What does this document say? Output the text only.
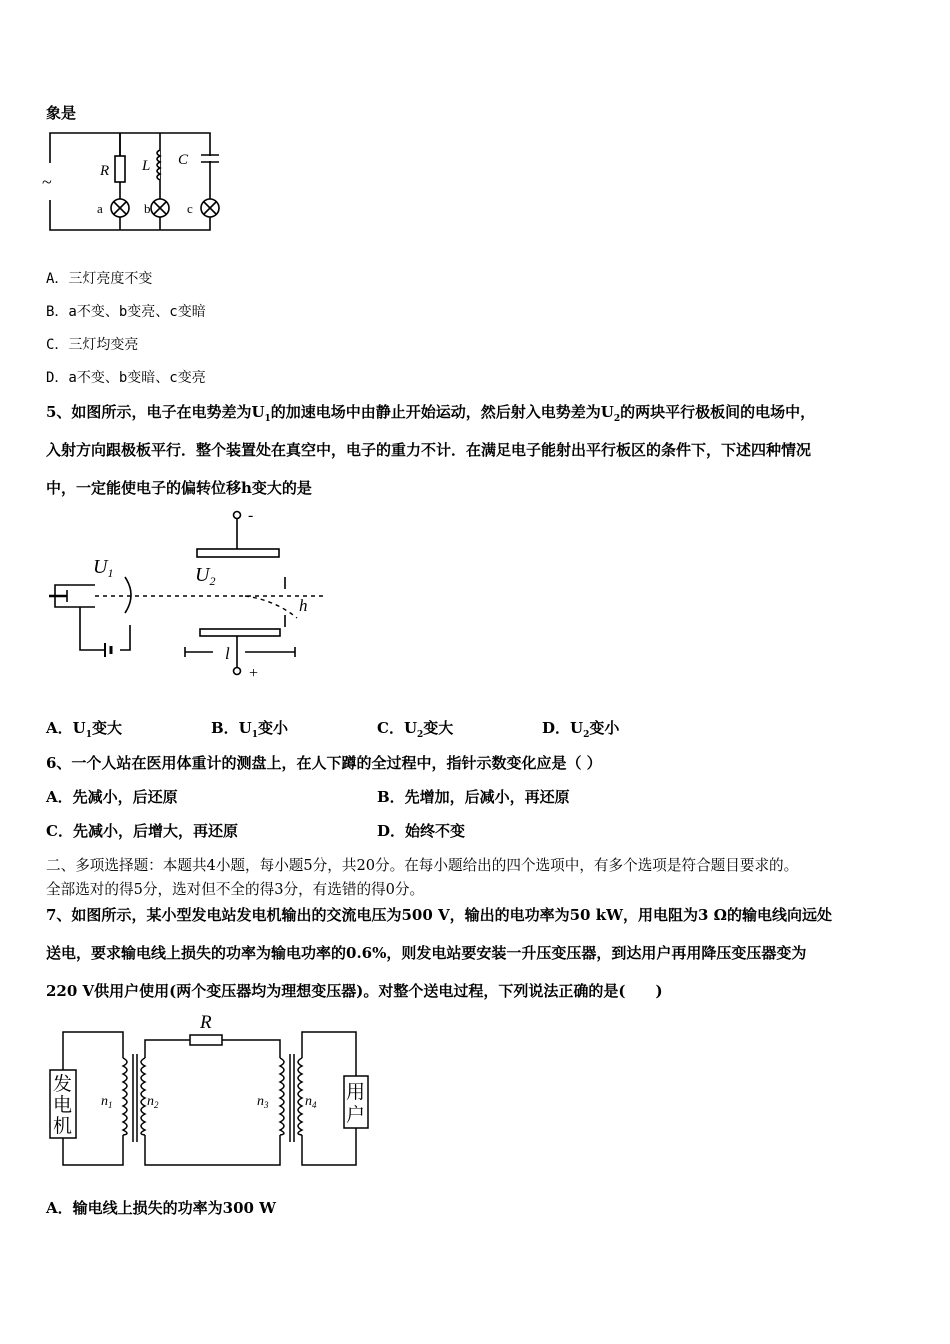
象是
~
R L C
a	b	c
A．三灯亮度不变
B．a不变、b变亮、c变暗
C．三灯均变亮
D．a不变、b变暗、c变亮
5、如图所示，电子在电势差为$U_1$的加速电场中由静止开始运动，然后射入电势差为$U_2$的两块平行极板间的电场中，
入射方向跟极板平行．整个装置处在真空中，电子的重力不计．在满足电子能射出平行板区的条件下，下述四种情况
中，一定能使电子的偏转位移h变大的是
$U_1$	$U_2$
h
l
-
+
A．$U_1$变大	B．$U_1$变小	C．$U_2$变大	D．$U_2$变小
6、一个人站在医用体重计的测盘上，在人下蹲的全过程中，指针示数变化应是（ ）
A．先减小，后还原	B．先增加，后减小，再还原
C．先减小，后增大，再还原	D．始终不变
二、多项选择题：本题共4小题，每小题5分，共20分。在每小题给出的四个选项中，有多个选项是符合题目要求的。
全部选对的得5分，选对但不全的得3分，有选错的得0分。
7、如图所示，某小型发电站发电机输出的交流电压为500 V，输出的电功率为50 kW，用电阻为3 Ω的输电线向远处
送电，要求输电线上损失的功率为输电功率的0.6%，则发电站要安装一升压变压器，到达用户再用降压变压器变为
220 V供用户使用(两个变压器均为理想变压器)。对整个送电过程，下列说法正确的是(　　)
R
发
电
机
用
户
$n_1$ $n_2$	$n_3$	$n_4$
A．输电线上损失的功率为300 W
